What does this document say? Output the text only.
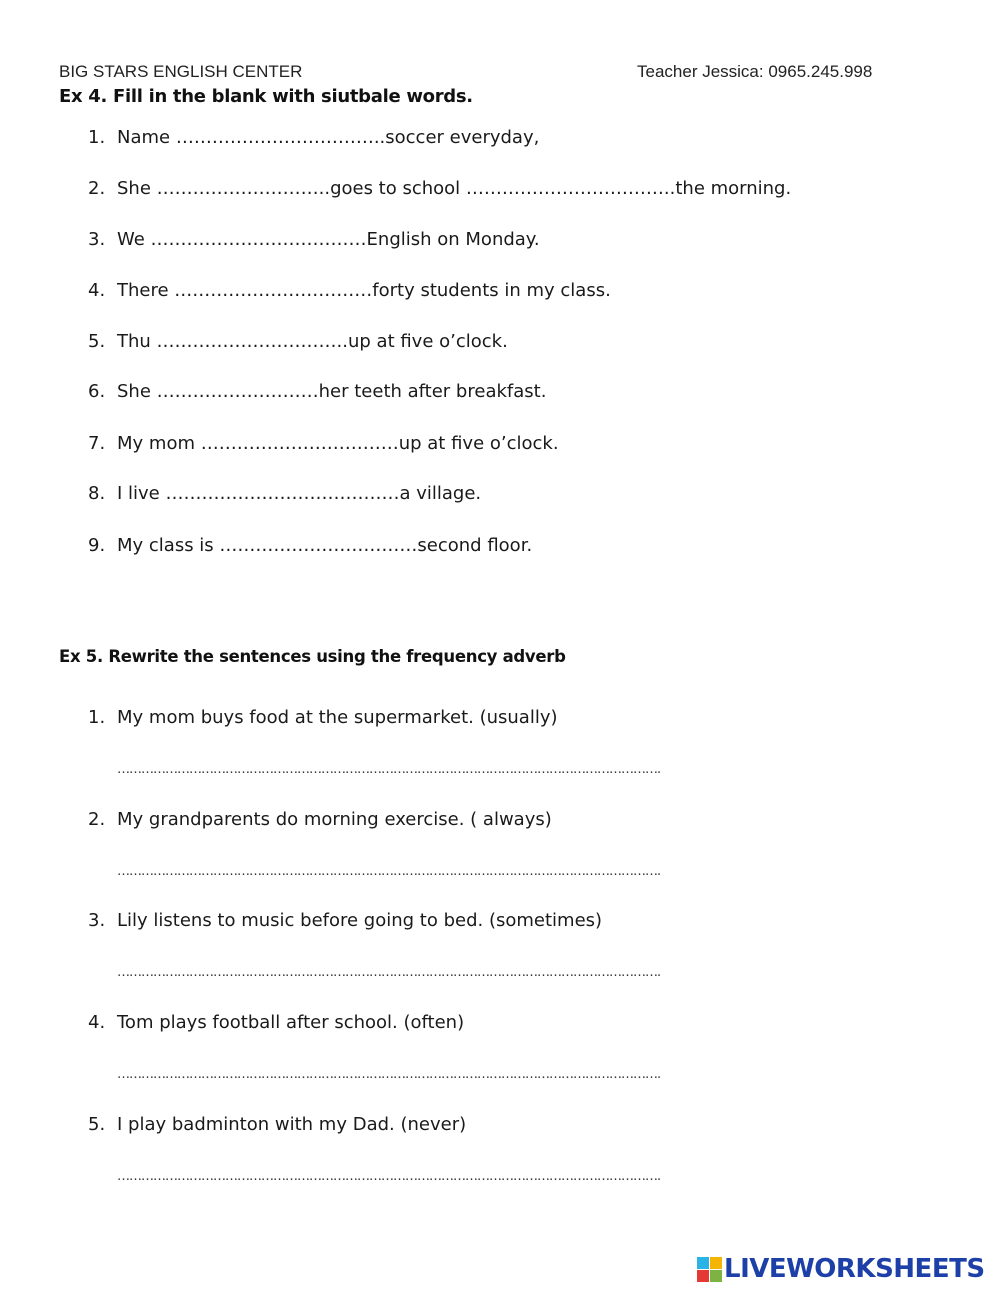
BIG STARS ENGLISH CENTER	Teacher Jessica: 0965.245.998
Ex 4. Fill in the blank with siutbale words.
1. Name ……………………………..soccer everyday,
2. She ………………………..goes to school ……………………………..the morning.
3. We ………………………………English on Monday.
4. There ……………………………forty students in my class.
5. Thu …………………………..up at five o’clock.
6. She ………………………her teeth after breakfast.
7. My mom ……………………………up at five o’clock.
8. I live …………………………………a village.
9. My class is ……………………………second floor.
Ex 5. Rewrite the sentences using the frequency adverb
1. My mom buys food at the supermarket. (usually)
……………………………………………………………………………………………………………………….
2. My grandparents do morning exercise. ( always)
……………………………………………………………………………………………………………………….
3. Lily listens to music before going to bed. (sometimes)
……………………………………………………………………………………………………………………….
4. Tom plays football after school. (often)
……………………………………………………………………………………………………………………….
5. I play badminton with my Dad. (never)
……………………………………………………………………………………………………………………….
LIVEWORKSHEETS
